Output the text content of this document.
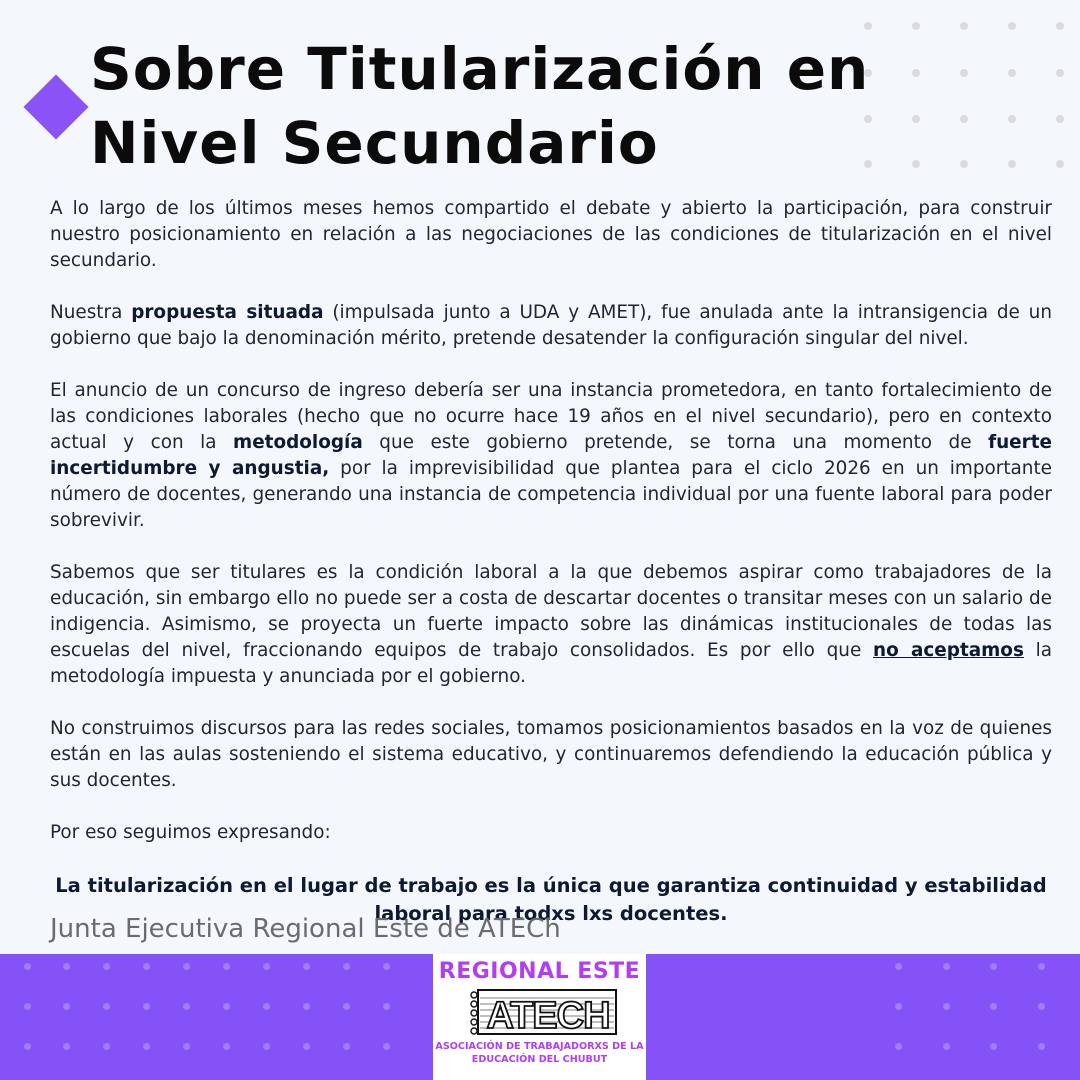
Sobre Titularización en
Nivel Secundario

A lo largo de los últimos meses hemos compartido el debate y abierto la participación, para construir nuestro posicionamiento en relación a las negociaciones de las condiciones de titularización en el nivel secundario.

Nuestra propuesta situada (impulsada junto a UDA y AMET), fue anulada ante la intransigencia de un gobierno que bajo la denominación mérito, pretende desatender la configuración singular del nivel.

El anuncio de un concurso de ingreso debería ser una instancia prometedora, en tanto fortalecimiento de las condiciones laborales (hecho que no ocurre hace 19 años en el nivel secundario), pero en contexto actual y con la metodología que este gobierno pretende, se torna una momento de fuerte incertidumbre y angustia, por la imprevisibilidad que plantea para el ciclo 2026 en un importante número de docentes, generando una instancia de competencia individual por una fuente laboral para poder sobrevivir.

Sabemos que ser titulares es la condición laboral a la que debemos aspirar como trabajadores de la educación, sin embargo ello no puede ser a costa de descartar docentes o transitar meses con un salario de indigencia. Asimismo, se proyecta un fuerte impacto sobre las dinámicas institucionales de todas las escuelas del nivel, fraccionando equipos de trabajo consolidados. Es por ello que no aceptamos la metodología impuesta y anunciada por el gobierno.

No construimos discursos para las redes sociales, tomamos posicionamientos basados en la voz de quienes están en las aulas sosteniendo el sistema educativo, y continuaremos defendiendo la educación pública y sus docentes.

Por eso seguimos expresando:

La titularización en el lugar de trabajo es la única que garantiza continuidad y estabilidad laboral para todxs lxs docentes.

Junta Ejecutiva Regional Este de ATECh

REGIONAL ESTE
ATECH
ASOCIACIÓN DE TRABAJADORXS DE LA
EDUCACIÓN DEL CHUBUT
